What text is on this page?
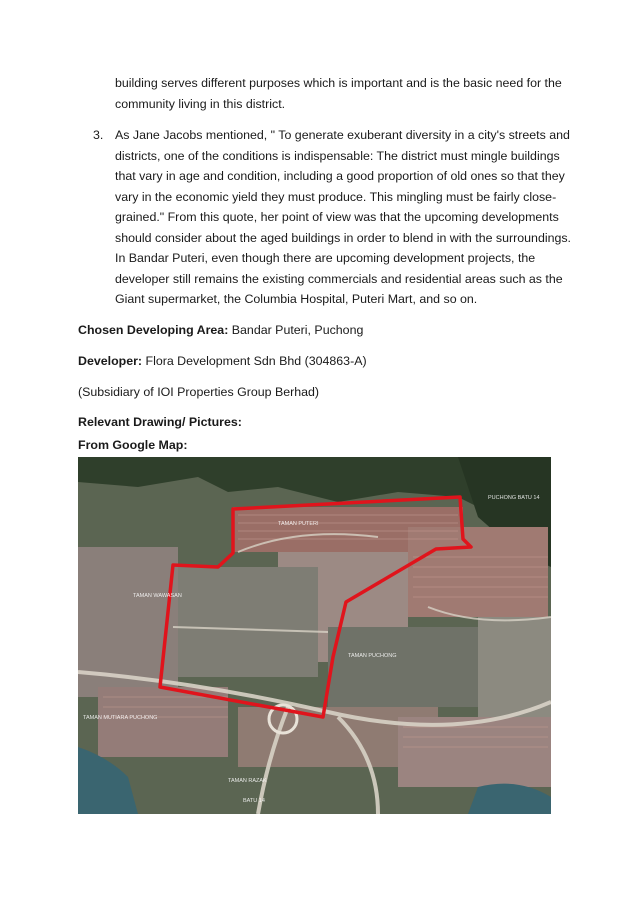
building serves different purposes which is important and is the basic need for the community living in this district.

3. As Jane Jacobs mentioned, " To generate exuberant diversity in a city's streets and districts, one of the conditions is indispensable: The district must mingle buildings that vary in age and condition, including a good proportion of old ones so that they vary in the economic yield they must produce. This mingling must be fairly close-grained." From this quote, her point of view was that the upcoming developments should consider about the aged buildings in order to blend in with the surroundings.

In Bandar Puteri, even though there are upcoming development projects, the developer still remains the existing commercials and residential areas such as the Giant supermarket, the Columbia Hospital, Puteri Mart, and so on.

Chosen Developing Area: Bandar Puteri, Puchong
Developer: Flora Development Sdn Bhd (304863-A)
(Subsidiary of IOI Properties Group Berhad)
Relevant Drawing/ Pictures:
From Google Map:
PUCHONG BATU 14
TAMAN PUTERI
TAMAN WAWASAN
TAMAN PUCHONG
TAMAN MUTIARA PUCHONG
TAMAN RAZAK
BATU 14
